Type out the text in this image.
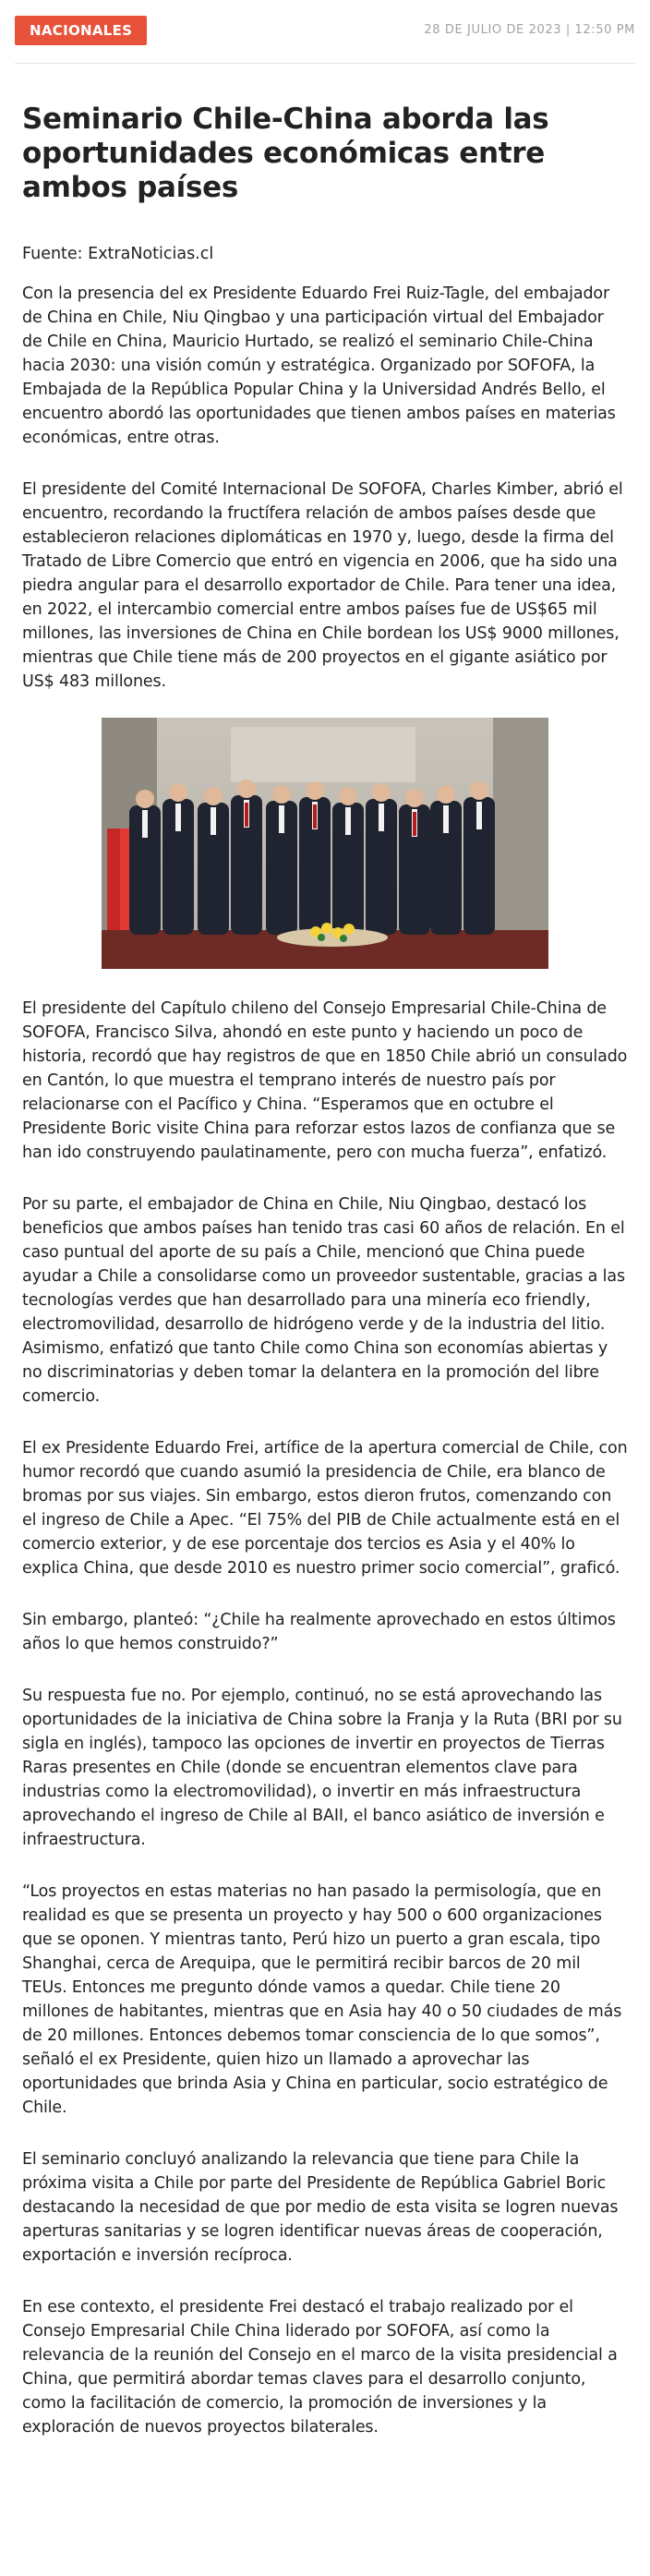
NACIONALES	28 DE JULIO DE 2023 | 12:50 PM
Seminario Chile-China aborda las oportunidades económicas entre ambos países
Fuente: ExtraNoticias.cl

Con la presencia del ex Presidente Eduardo Frei Ruiz-Tagle, del embajador de China en Chile, Niu Qingbao y una participación virtual del Embajador de Chile en China, Mauricio Hurtado, se realizó el seminario Chile-China hacia 2030: una visión común y estratégica. Organizado por SOFOFA, la Embajada de la República Popular China y la Universidad Andrés Bello, el encuentro abordó las oportunidades que tienen ambos países en materias económicas, entre otras.

El presidente del Comité Internacional De SOFOFA, Charles Kimber, abrió el encuentro, recordando la fructífera relación de ambos países desde que establecieron relaciones diplomáticas en 1970 y, luego, desde la firma del Tratado de Libre Comercio que entró en vigencia en 2006, que ha sido una piedra angular para el desarrollo exportador de Chile. Para tener una idea, en 2022, el intercambio comercial entre ambos países fue de US$65 mil millones, las inversiones de China en Chile bordean los US$ 9000 millones, mientras que Chile tiene más de 200 proyectos en el gigante asiático por US$ 483 millones.

El presidente del Capítulo chileno del Consejo Empresarial Chile-China de SOFOFA, Francisco Silva, ahondó en este punto y haciendo un poco de historia, recordó que hay registros de que en 1850 Chile abrió un consulado en Cantón, lo que muestra el temprano interés de nuestro país por relacionarse con el Pacífico y China. “Esperamos que en octubre el Presidente Boric visite China para reforzar estos lazos de confianza que se han ido construyendo paulatinamente, pero con mucha fuerza”, enfatizó.

Por su parte, el embajador de China en Chile, Niu Qingbao, destacó los beneficios que ambos países han tenido tras casi 60 años de relación. En el caso puntual del aporte de su país a Chile, mencionó que China puede ayudar a Chile a consolidarse como un proveedor sustentable, gracias a las tecnologías verdes que han desarrollado para una minería eco friendly, electromovilidad, desarrollo de hidrógeno verde y de la industria del litio. Asimismo, enfatizó que tanto Chile como China son economías abiertas y no discriminatorias y deben tomar la delantera en la promoción del libre comercio.

El ex Presidente Eduardo Frei, artífice de la apertura comercial de Chile, con humor recordó que cuando asumió la presidencia de Chile, era blanco de bromas por sus viajes. Sin embargo, estos dieron frutos, comenzando con el ingreso de Chile a Apec. “El 75% del PIB de Chile actualmente está en el comercio exterior, y de ese porcentaje dos tercios es Asia y el 40% lo explica China, que desde 2010 es nuestro primer socio comercial”, graficó.

Sin embargo, planteó: “¿Chile ha realmente aprovechado en estos últimos años lo que hemos construido?”

Su respuesta fue no. Por ejemplo, continuó, no se está aprovechando las oportunidades de la iniciativa de China sobre la Franja y la Ruta (BRI por su sigla en inglés), tampoco las opciones de invertir en proyectos de Tierras Raras presentes en Chile (donde se encuentran elementos clave para industrias como la electromovilidad), o invertir en más infraestructura aprovechando el ingreso de Chile al BAII, el banco asiático de inversión e infraestructura.

“Los proyectos en estas materias no han pasado la permisología, que en realidad es que se presenta un proyecto y hay 500 o 600 organizaciones que se oponen. Y mientras tanto, Perú hizo un puerto a gran escala, tipo Shanghai, cerca de Arequipa, que le permitirá recibir barcos de 20 mil TEUs. Entonces me pregunto dónde vamos a quedar. Chile tiene 20 millones de habitantes, mientras que en Asia hay 40 o 50 ciudades de más de 20 millones. Entonces debemos tomar consciencia de lo que somos”, señaló el ex Presidente, quien hizo un llamado a aprovechar las oportunidades que brinda Asia y China en particular, socio estratégico de Chile.

El seminario concluyó analizando la relevancia que tiene para Chile la próxima visita a Chile por parte del Presidente de República Gabriel Boric destacando la necesidad de que por medio de esta visita se logren nuevas aperturas sanitarias y se logren identificar nuevas áreas de cooperación, exportación e inversión recíproca.

En ese contexto, el presidente Frei destacó el trabajo realizado por el Consejo Empresarial Chile China liderado por SOFOFA, así como la relevancia de la reunión del Consejo en el marco de la visita presidencial a China, que permitirá abordar temas claves para el desarrollo conjunto, como la facilitación de comercio, la promoción de inversiones y la exploración de nuevos proyectos bilaterales.
